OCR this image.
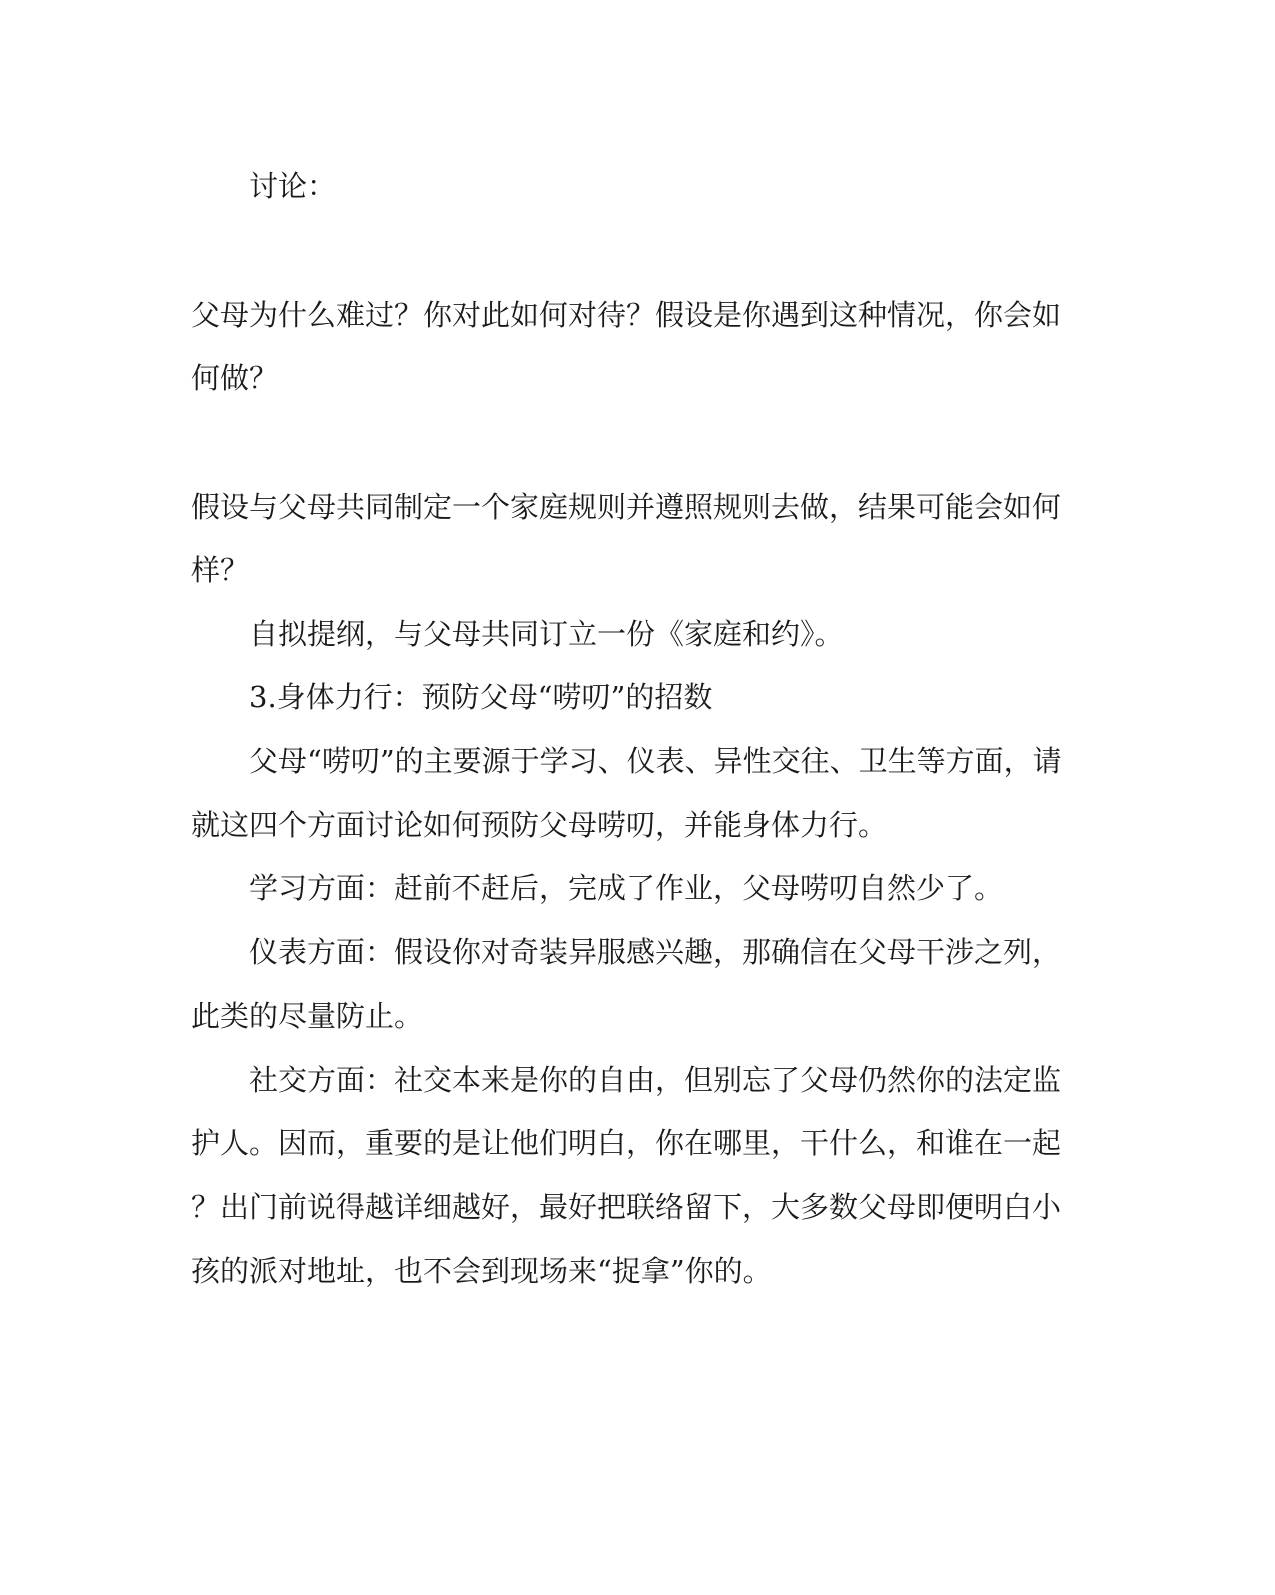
讨论：
父母为什么难过？你对此如何对待？假设是你遇到这种情况，你会如
何做？
假设与父母共同制定一个家庭规则并遵照规则去做，结果可能会如何
样？
自拟提纲，与父母共同订立一份《家庭和约》。
3.身体力行：预防父母“唠叨”的招数
父母“唠叨”的主要源于学习、仪表、异性交往、卫生等方面，请
就这四个方面讨论如何预防父母唠叨，并能身体力行。
学习方面：赶前不赶后，完成了作业，父母唠叨自然少了。
仪表方面：假设你对奇装异服感兴趣，那确信在父母干涉之列，
此类的尽量防止。
社交方面：社交本来是你的自由，但别忘了父母仍然你的法定监
护人。因而，重要的是让他们明白，你在哪里，干什么，和谁在一起
？出门前说得越详细越好，最好把联络留下，大多数父母即便明白小
孩的派对地址，也不会到现场来“捉拿”你的。
